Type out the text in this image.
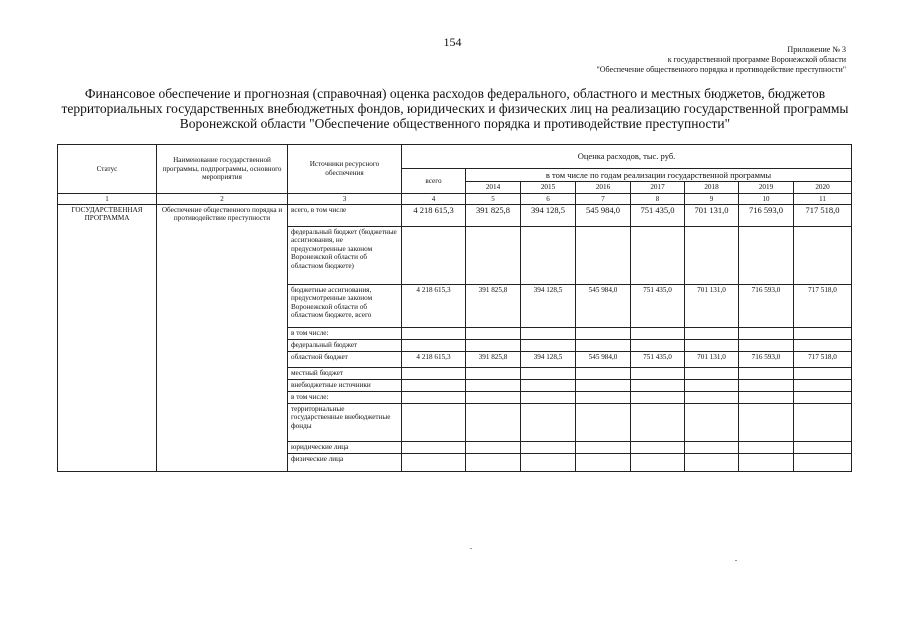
154
Приложение № 3
к государственной программе Воронежской области
"Обеспечение общественного порядка и противодействие преступности"
Финансовое обеспечение и прогнозная (справочная) оценка расходов федерального, областного и местных бюджетов, бюджетов территориальных государственных внебюджетных фондов, юридических и физических лиц на реализацию государственной программы Воронежской области "Обеспечение общественного порядка и противодействие преступности"
Статус	Наименование государственной программы, подпрограммы, основного мероприятия	Источники ресурсного обеспечения	Оценка расходов, тыс. руб.							
			всего	в том числе по годам реализации государственной программы						
				2014	2015	2016	2017	2018	2019	2020
1	2	3	4	5	6	7	8	9	10	11
ГОСУДАРСТВЕННАЯ ПРОГРАММА	Обеспечение общественного порядка и противодействие преступности	всего, в том числе	4 218 615,3	391 825,8	394 128,5	545 984,0	751 435,0	701 131,0	716 593,0	717 518,0
		федеральный бюджет (бюджетные ассигнования, не предусмотренные законом Воронежской области об областном бюджете)								
		бюджетные ассигнования, предусмотренные законом Воронежской области об областном бюджете, всего	4 218 615,3	391 825,8	394 128,5	545 984,0	751 435,0	701 131,0	716 593,0	717 518,0
		в том числе:								
		федеральный бюджет								
		областной бюджет	4 218 615,3	391 825,8	394 128,5	545 984,0	751 435,0	701 131,0	716 593,0	717 518,0
		местный бюджет								
		внебюджетные источники								
		в том числе:								
		территориальные государственные внебюджетные фонды								
		юридические лица								
		физические лица								
